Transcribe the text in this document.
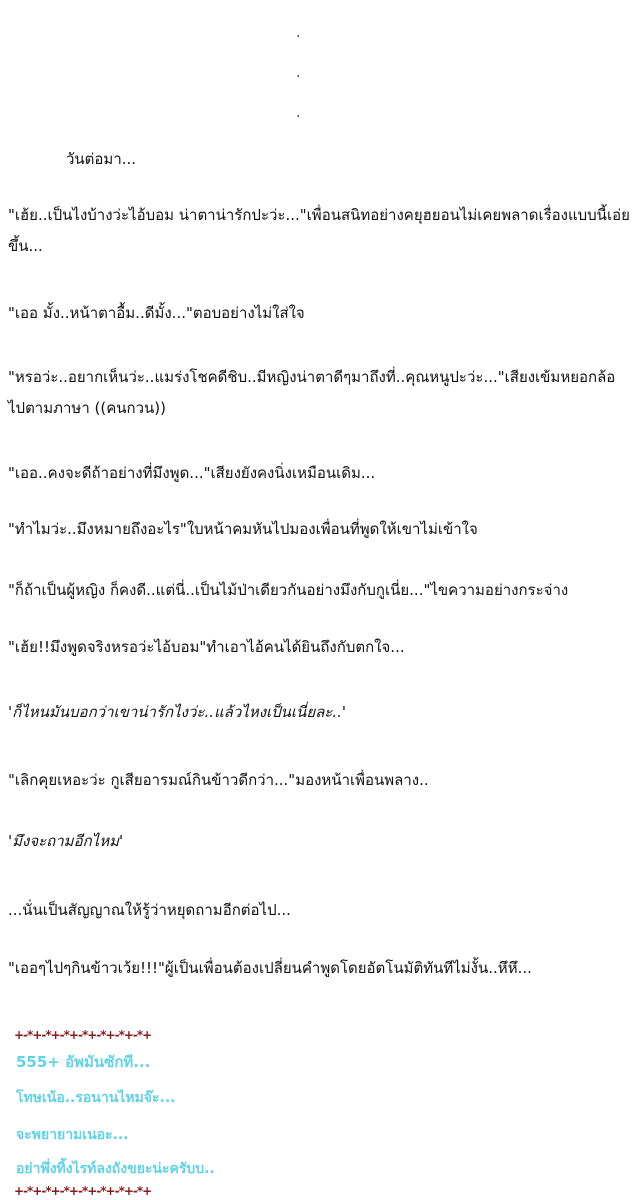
.
.
.
วันต่อมา...
"เฮ้ย..เป็นไงบ้างว่ะไอ้บอม น่าตาน่ารักปะว่ะ..."เพื่อนสนิทอย่างคยุฮยอนไม่เคยพลาดเรื่องแบบนี้เอ่ยขึ้น...
"เออ มั้ง..หน้าตาอื้ม..ดีมั้ง..."ตอบอย่างไม่ใส่ใจ
"หรอว่ะ..อยากเห็นว่ะ..แมร่งโชคดีชิบ..มีหญิงน่าตาดีๆมาถึงที่..คุณหนูปะว่ะ..."เสียงเข้มหยอกล้อไปตามภาษา ((คนกวน))
"เออ..คงจะดีถ้าอย่างที่มึงพูด..."เสียงยังคงนิ่งเหมือนเดิม...
"ทำไมว่ะ..มึงหมายถึงอะไร"ใบหน้าคมหันไปมองเพื่อนที่พูดให้เขาไม่เข้าใจ
"ก็ถ้าเป็นผู้หญิง ก็คงดี..แต่นี่..เป็นไม้ป่าเดียวกันอย่างมึงกับกูเนี่ย..."ไขความอย่างกระจ่าง
"เฮ้ย!!มึงพูดจริงหรอว่ะไอ้บอม"ทำเอาไอ้คนได้ยินถึงกับตกใจ...
'ก็ไหนมันบอกว่าเขาน่ารักไงว่ะ..แล้วไหงเป็นเนี่ยละ..'
"เลิกคุยเหอะว่ะ กูเสียอารมณ์กินข้าวดีกว่า..."มองหน้าเพื่อนพลาง..
'มึงจะถามอีกไหม'
...นั่นเป็นสัญญาณให้รู้ว่าหยุดถามอีกต่อไป...
"เออๆไปๆกินข้าวเว้ย!!!"ผู้เป็นเพื่อนต้องเปลี่ยนคำพูดโดยอัตโนมัติทันทีไม่งั้น..หึหึ...
+-*+-*+-*+-*+-*+-*+-*+
555+ อัพมันซักที...
โทษเน้อ..รอนานไหมจ๊ะ...
จะพยายามเนอะ...
อย่าพึ่งทิ้งไรท์ลงถังขยะน่ะครับบ..
+-*+-*+-*+-*+-*+-*+-*+
